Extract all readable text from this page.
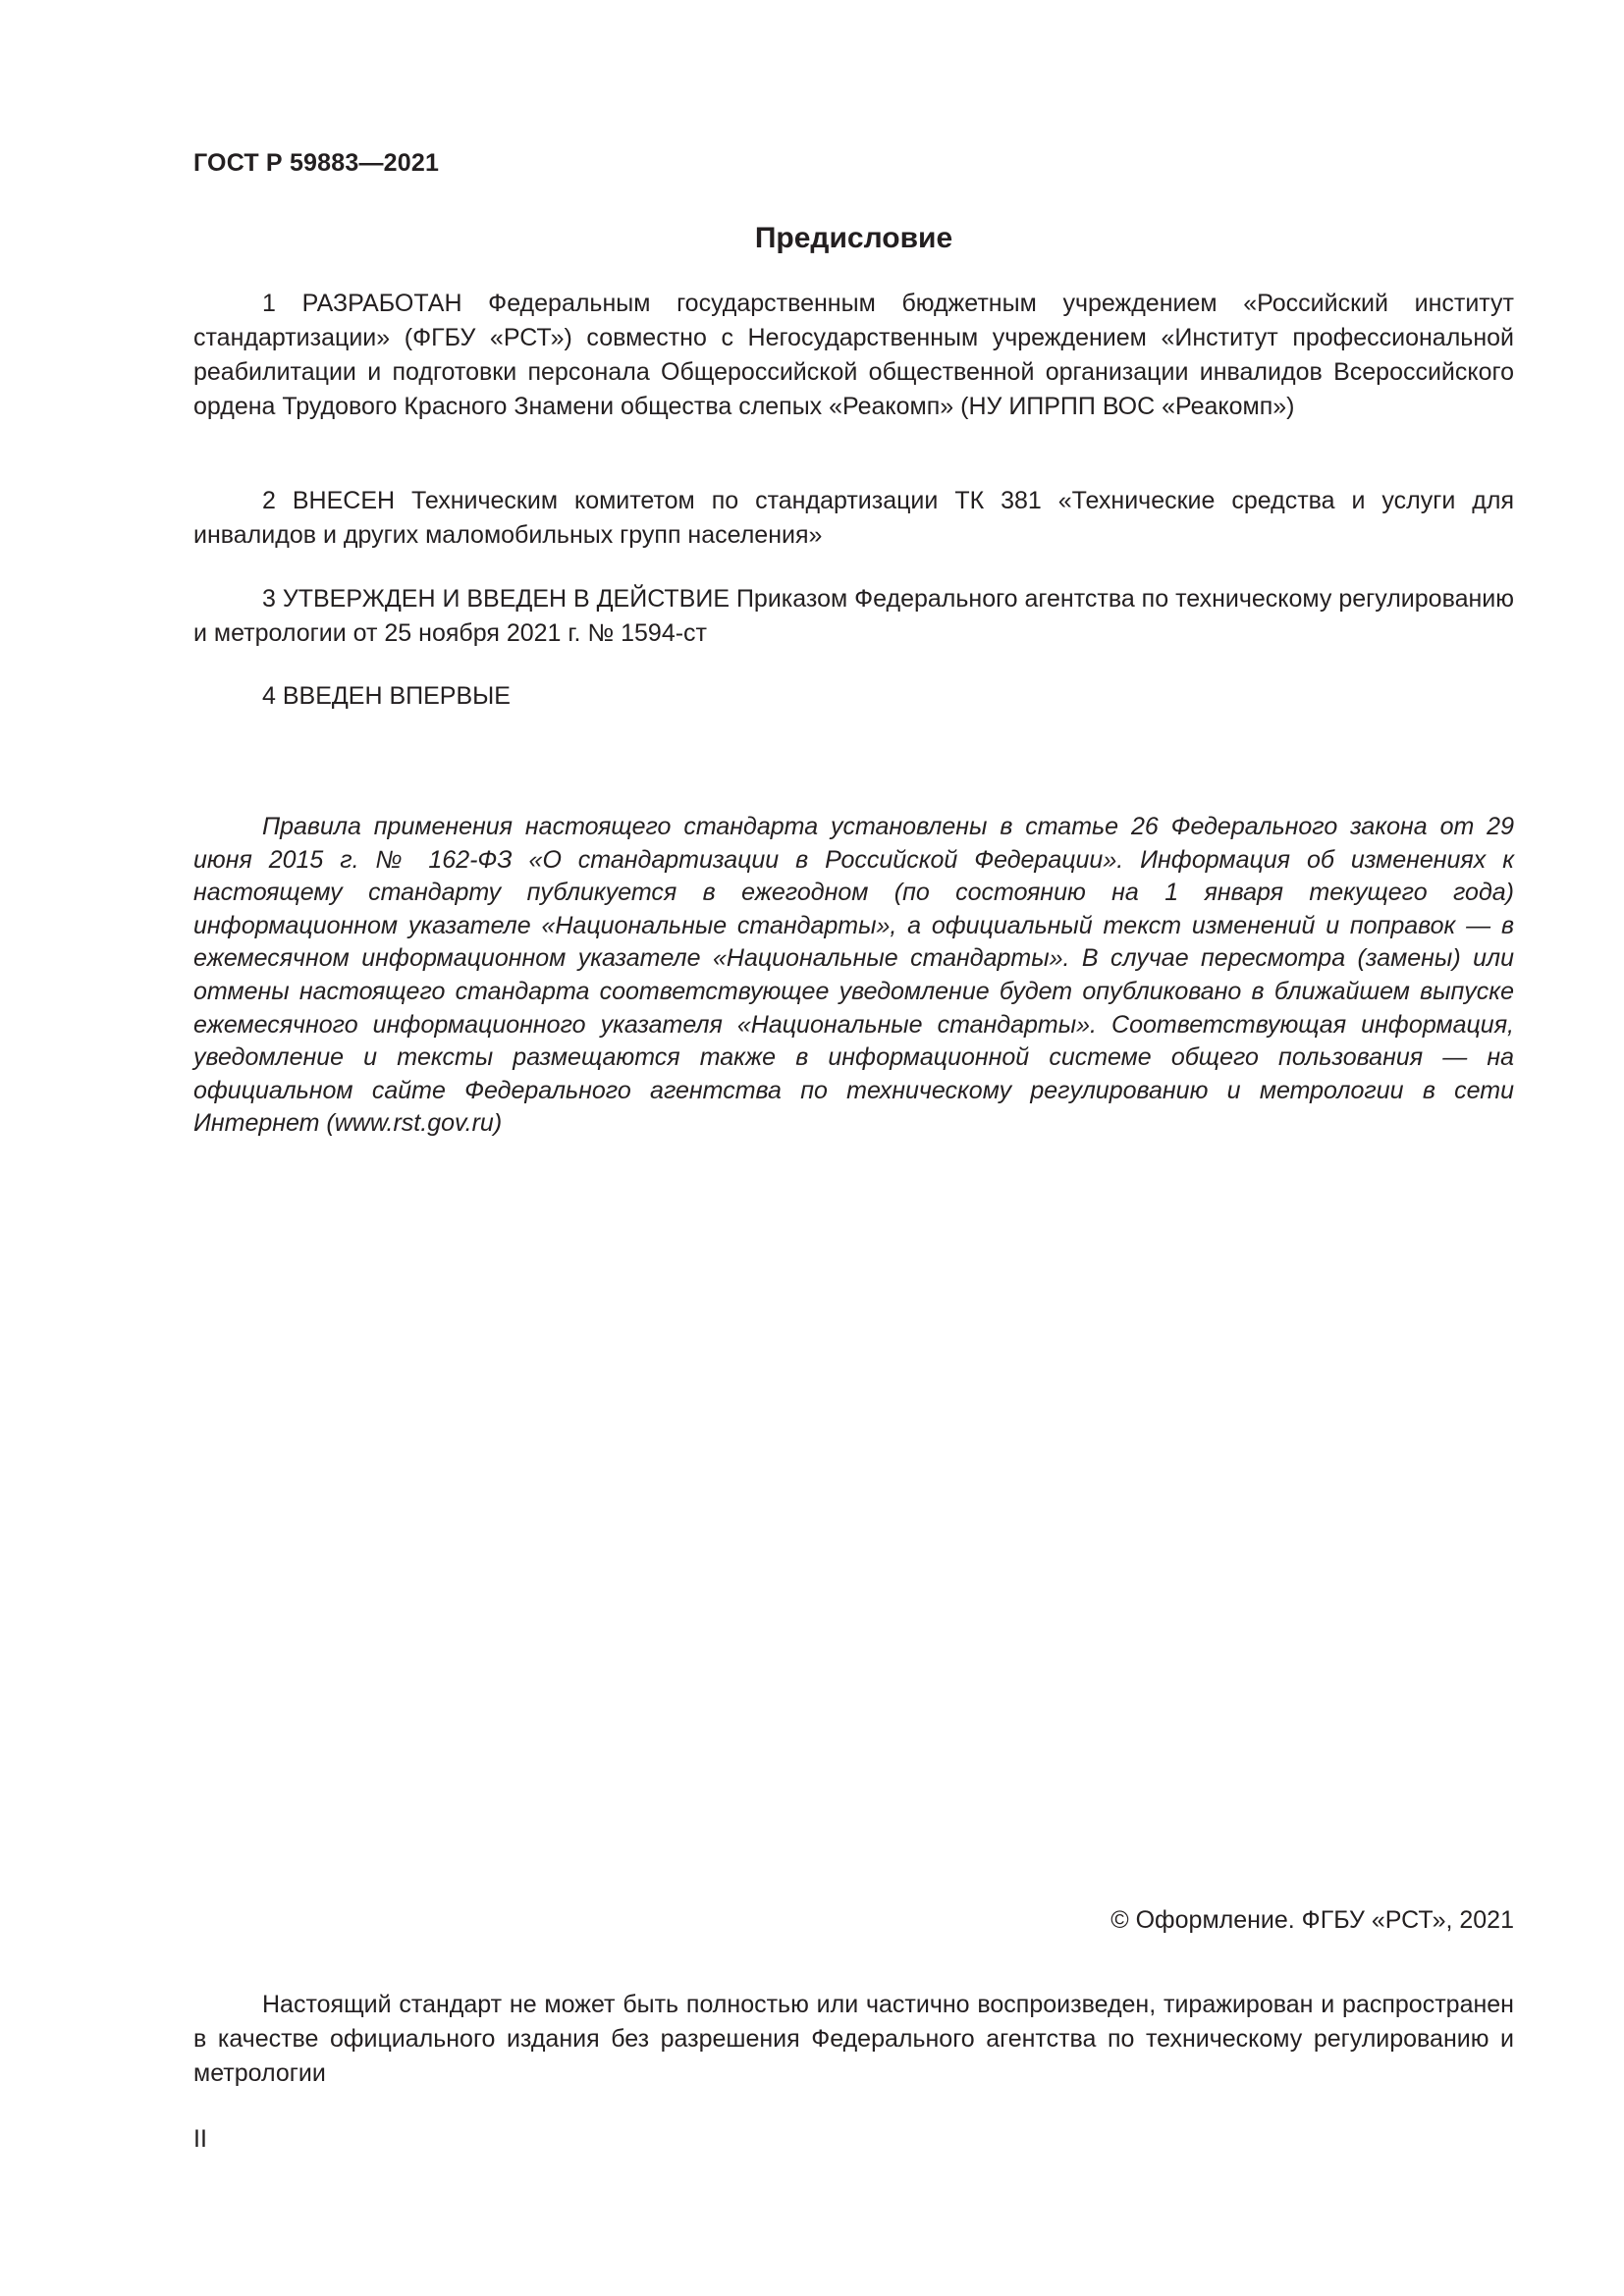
ГОСТ Р 59883—2021
Предисловие

1 РАЗРАБОТАН Федеральным государственным бюджетным учреждением «Российский институт стандартизации» (ФГБУ «РСТ») совместно с Негосударственным учреждением «Институт профессиональной реабилитации и подготовки персонала Общероссийской общественной организации инвалидов Всероссийского ордена Трудового Красного Знамени общества слепых «Реакомп» (НУ ИПРПП ВОС «Реакомп»)

2 ВНЕСЕН Техническим комитетом по стандартизации ТК 381 «Технические средства и услуги для инвалидов и других маломобильных групп населения»

3 УТВЕРЖДЕН И ВВЕДЕН В ДЕЙСТВИЕ Приказом Федерального агентства по техническому регулированию и метрологии от 25 ноября 2021 г. № 1594-ст

4 ВВЕДЕН ВПЕРВЫЕ

Правила применения настоящего стандарта установлены в статье 26 Федерального закона от 29 июня 2015 г. № 162-ФЗ «О стандартизации в Российской Федерации». Информация об изменениях к настоящему стандарту публикуется в ежегодном (по состоянию на 1 января текущего года) информационном указателе «Национальные стандарты», а официальный текст изменений и поправок — в ежемесячном информационном указателе «Национальные стандарты». В случае пересмотра (замены) или отмены настоящего стандарта соответствующее уведомление будет опубликовано в ближайшем выпуске ежемесячного информационного указателя «Национальные стандарты». Соответствующая информация, уведомление и тексты размещаются также в информационной системе общего пользования — на официальном сайте Федерального агентства по техническому регулированию и метрологии в сети Интернет (www.rst.gov.ru)

© Оформление. ФГБУ «РСТ», 2021

Настоящий стандарт не может быть полностью или частично воспроизведен, тиражирован и распространен в качестве официального издания без разрешения Федерального агентства по техническому регулированию и метрологии

II
